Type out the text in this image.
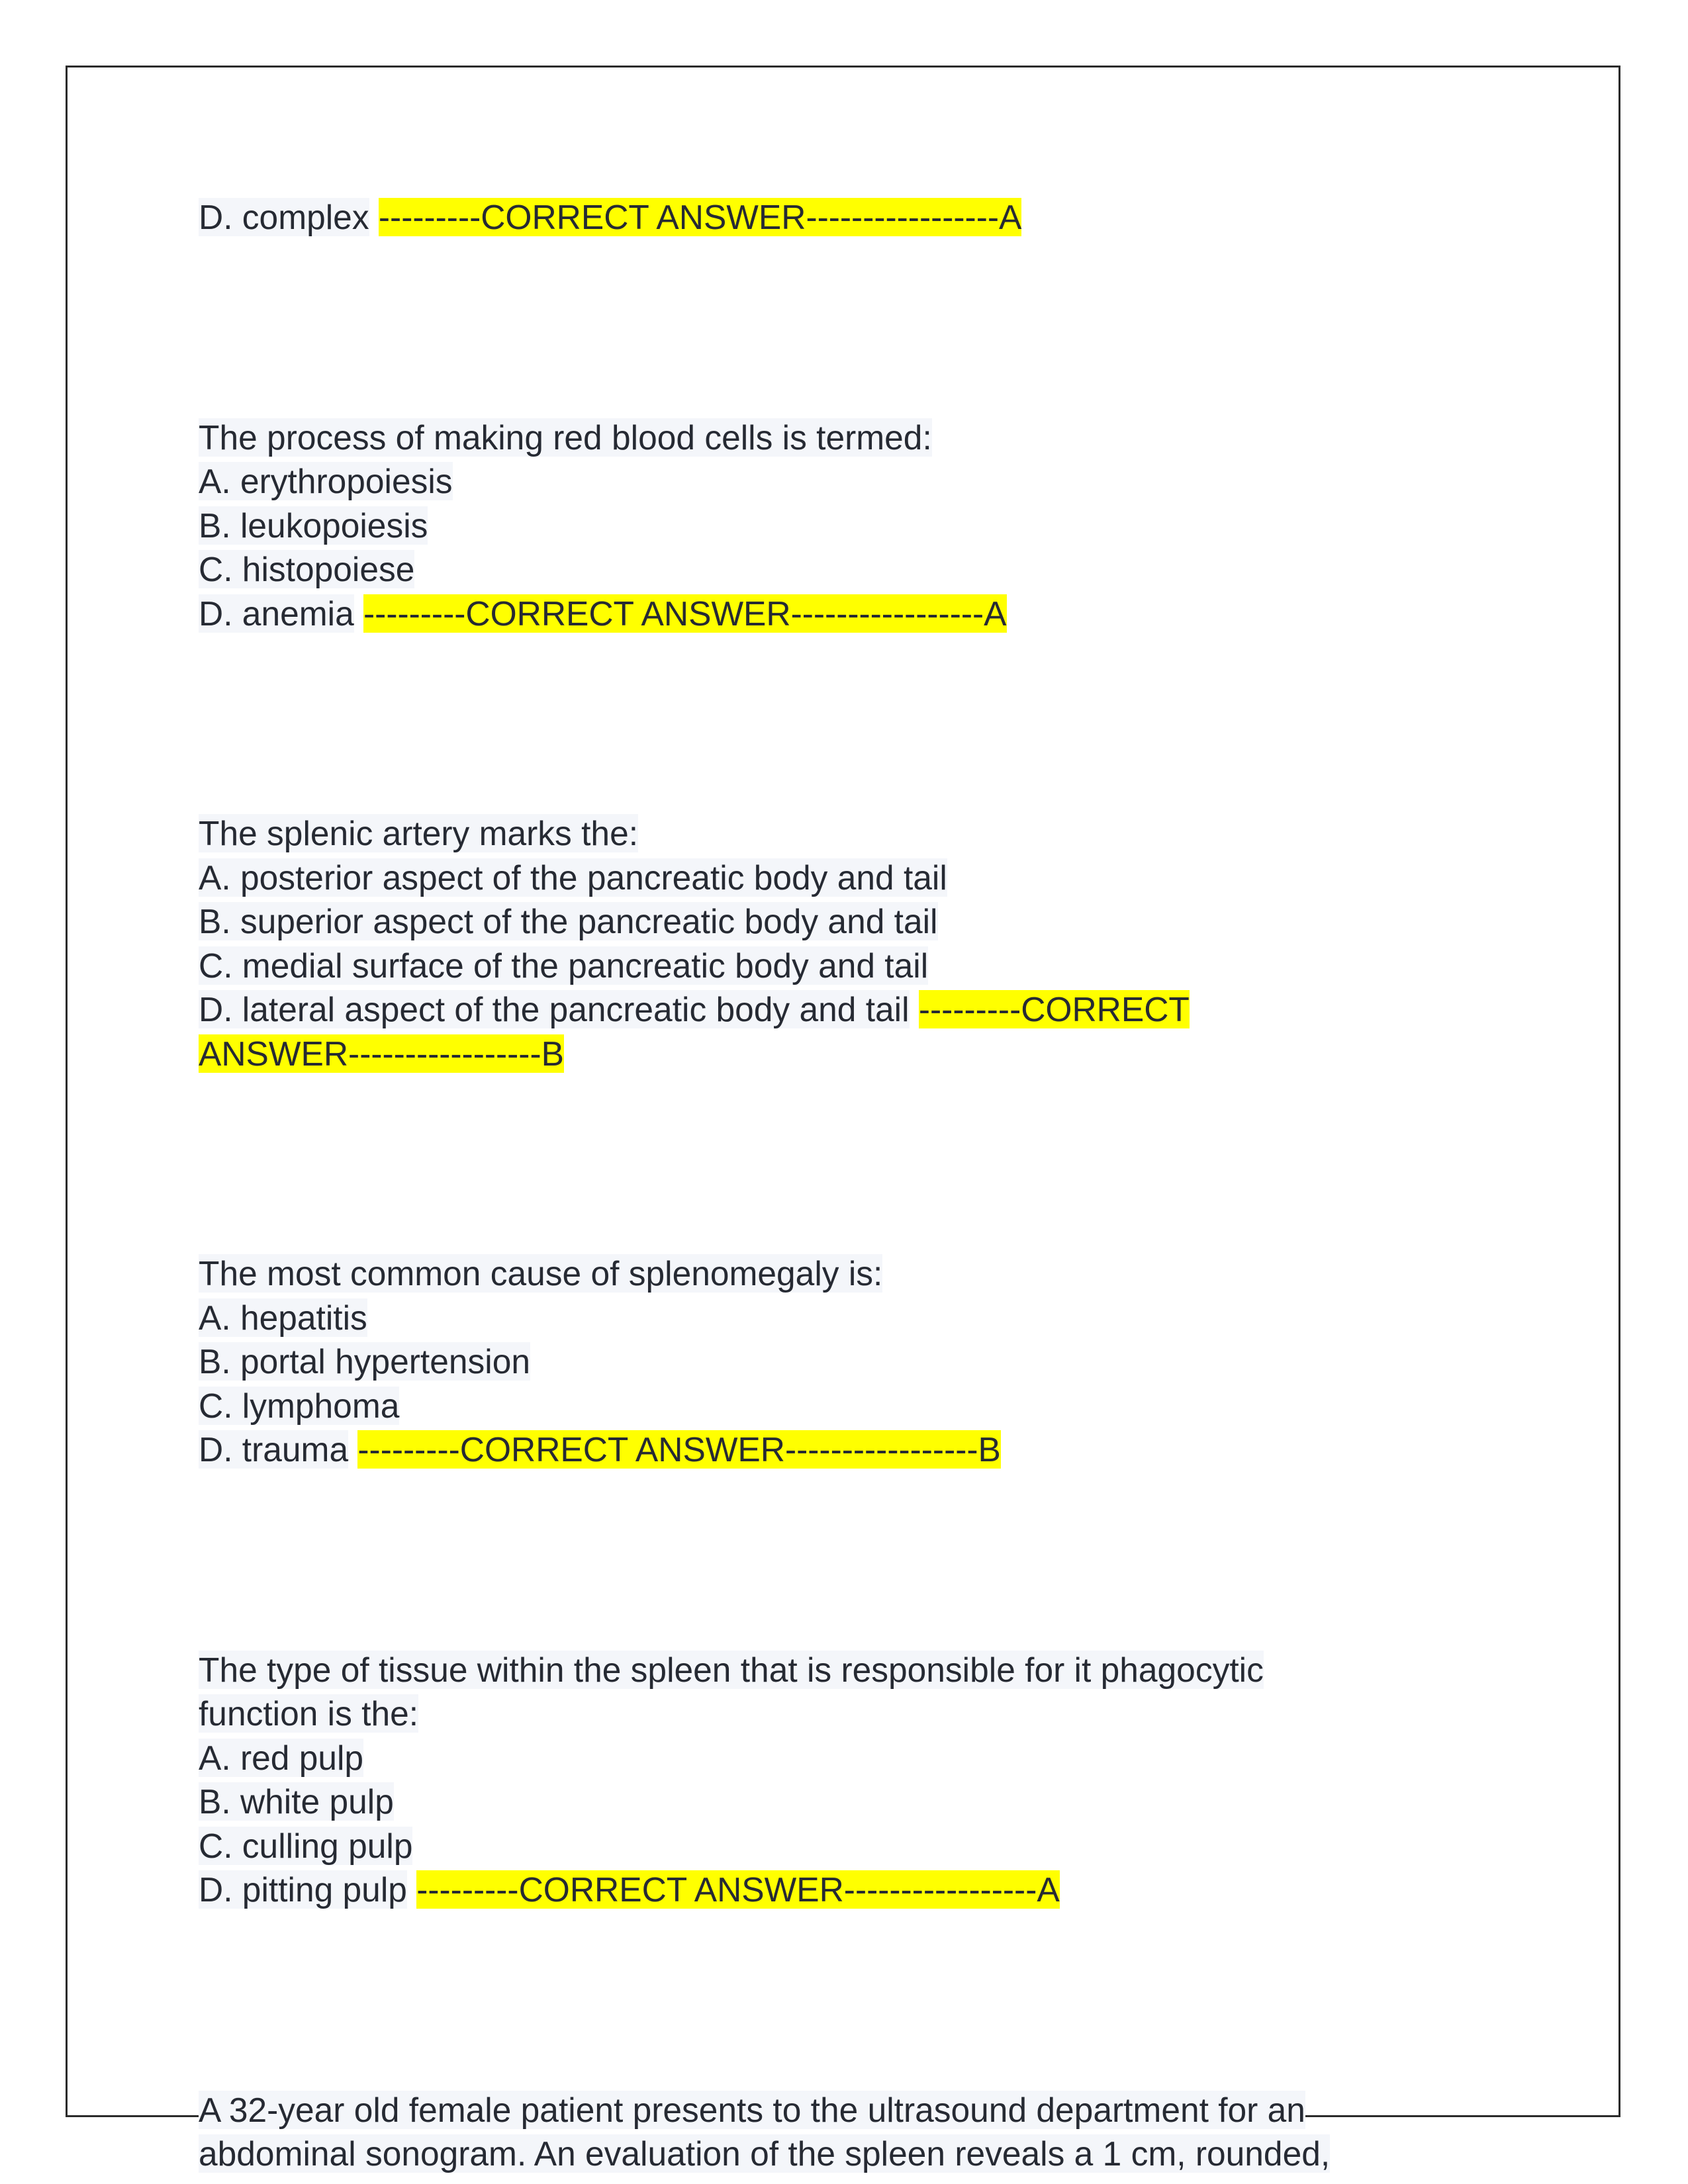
D. complex ---------CORRECT ANSWER-----------------A
The process of making red blood cells is termed:
A. erythropoiesis
B. leukopoiesis
C. histopoiese
D. anemia ---------CORRECT ANSWER-----------------A
The splenic artery marks the:
A. posterior aspect of the pancreatic body and tail
B. superior aspect of the pancreatic body and tail
C. medial surface of the pancreatic body and tail
D. lateral aspect of the pancreatic body and tail ---------CORRECT
ANSWER-----------------B
The most common cause of splenomegaly is:
A. hepatitis
B. portal hypertension
C. lymphoma
D. trauma ---------CORRECT ANSWER-----------------B
The type of tissue within the spleen that is responsible for it phagocytic
function is the:
A. red pulp
B. white pulp
C. culling pulp
D. pitting pulp ---------CORRECT ANSWER-----------------A
A 32-year old female patient presents to the ultrasound department for an
abdominal sonogram. An evaluation of the spleen reveals a 1 cm, rounded,
